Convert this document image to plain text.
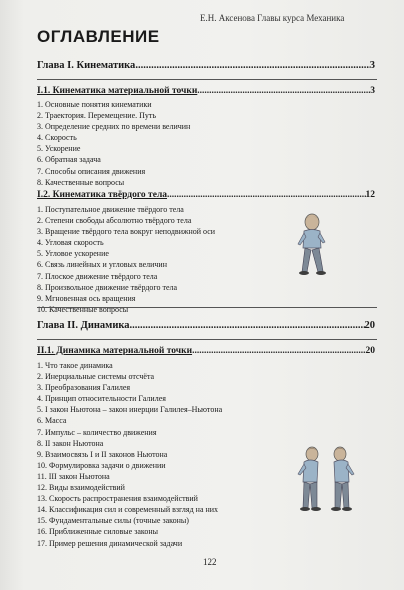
Е.Н. Аксенова Главы курса Механика
ОГЛАВЛЕНИЕ
Глава I. Кинематика .....	3
I.1. Кинематика материальной точки .....	3
1. Основные понятия кинематики
2. Траектория. Перемещение. Путь
3. Определение средних по времени величин
4. Скорость
5. Ускорение
6. Обратная задача
7. Способы описания движения
8. Качественные вопросы
I.2. Кинематика твёрдого тела .....	12
1. Поступательное движение твёрдого тела
2. Степени свободы абсолютно твёрдого тела
3. Вращение твёрдого тела вокруг неподвижной оси
4. Угловая скорость
5. Угловое ускорение
6. Связь линейных и угловых величин
7. Плоское движение твёрдого тела
8. Произвольное движение твёрдого тела
9. Мгновенная ось вращения
10. Качественные вопросы
Глава II. Динамика .....	20
II.1. Динамика материальной точки .....	20
1. Что такое динамика
2. Инерциальные системы отсчёта
3. Преобразования Галилея
4. Принцип относительности Галилея
5. I закон Ньютона – закон инерции Галилея–Ньютона
6. Масса
7. Импульс – количество движения
8. II закон Ньютона
9. Взаимосвязь I и II законов Ньютона
10. Формулировка задачи о движении
11. III закон Ньютона
12. Виды взаимодействий
13. Скорость распространения взаимодействий
14. Классификация сил и современный взгляд на них
15. Фундаментальные силы (точные законы)
16. Приближенные силовые законы
17. Пример решения динамической задачи
122
